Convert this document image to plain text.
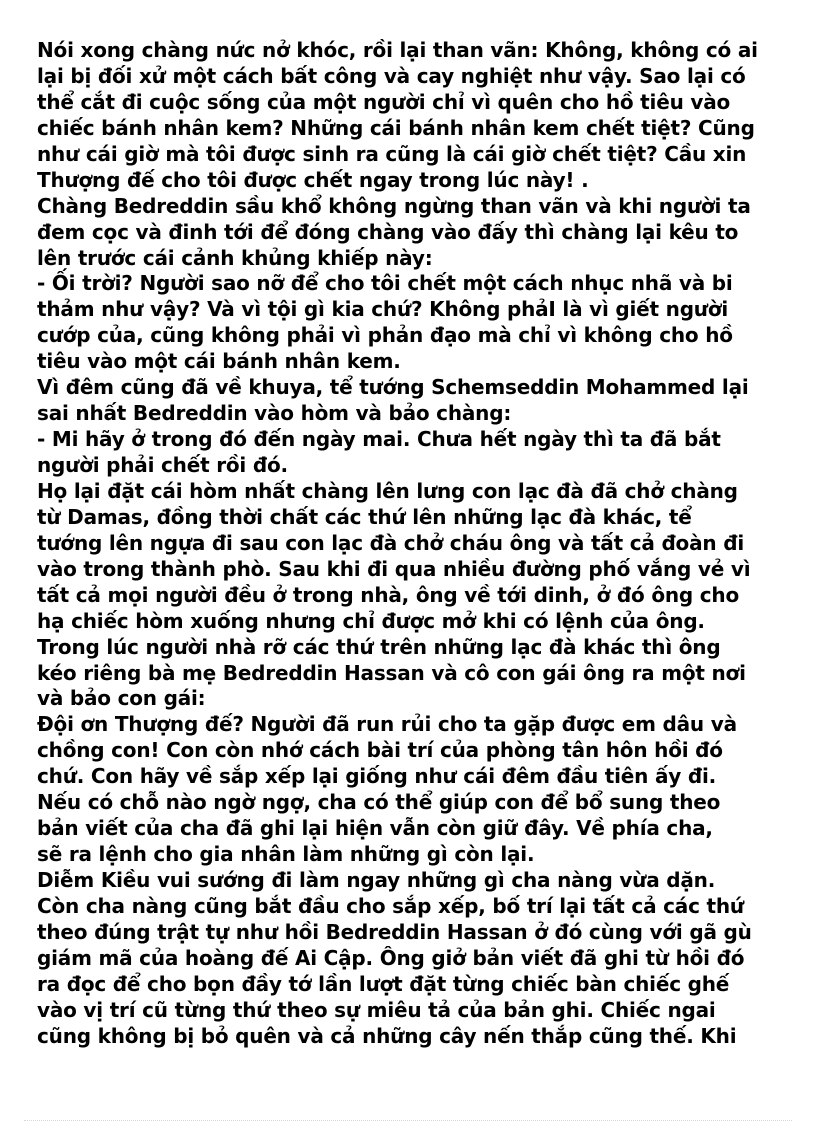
Nói xong chàng nức nở khóc, rồi lại than vãn: Không, không có ai
lại bị đối xử một cách bất công và cay nghiệt như vậy. Sao lại có
thể cắt đi cuộc sống của một người chỉ vì quên cho hồ tiêu vào
chiếc bánh nhân kem? Những cái bánh nhân kem chết tiệt? Cũng
như cái giờ mà tôi được sinh ra cũng là cái giờ chết tiệt? Cầu xin
Thượng đế cho tôi được chết ngay trong lúc này! .
Chàng Bedreddin sầu khổ không ngừng than vãn và khi người ta
đem cọc và đinh tới để đóng chàng vào đấy thì chàng lại kêu to
lên trước cái cảnh khủng khiếp này:
- Ối trời? Người sao nỡ để cho tôi chết một cách nhục nhã và bi
thảm như vậy? Và vì tội gì kia chứ? Không phảI là vì giết người
cướp của, cũng không phải vì phản đạo mà chỉ vì không cho hồ
tiêu vào một cái bánh nhân kem.
Vì đêm cũng đã về khuya, tể tướng Schemseddin Mohammed lại
sai nhất Bedreddin vào hòm và bảo chàng:
- Mi hãy ở trong đó đến ngày mai. Chưa hết ngày thì ta đã bắt
người phải chết rồi đó.
Họ lại đặt cái hòm nhất chàng lên lưng con lạc đà đã chở chàng
từ Damas, đồng thời chất các thứ lên những lạc đà khác, tể
tướng lên ngựa đi sau con lạc đà chở cháu ông và tất cả đoàn đi
vào trong thành phò. Sau khi đi qua nhiều đường phố vắng vẻ vì
tất cả mọi người đều ở trong nhà, ông về tới dinh, ở đó ông cho
hạ chiếc hòm xuống nhưng chỉ được mở khi có lệnh của ông.
Trong lúc người nhà rỡ các thứ trên những lạc đà khác thì ông
kéo riêng bà mẹ Bedreddin Hassan và cô con gái ông ra một nơi
và bảo con gái:
Đội ơn Thượng đế? Người đã run rủi cho ta gặp được em dâu và
chồng con! Con còn nhớ cách bài trí của phòng tân hôn hồi đó
chứ. Con hãy về sắp xếp lại giống như cái đêm đầu tiên ấy đi.
Nếu có chỗ nào ngờ ngợ, cha có thể giúp con để bổ sung theo
bản viết của cha đã ghi lại hiện vẫn còn giữ đây. Về phía cha,
sẽ ra lệnh cho gia nhân làm những gì còn lại.
Diễm Kiều vui sướng đi làm ngay những gì cha nàng vừa dặn.
Còn cha nàng cũng bắt đầu cho sắp xếp, bố trí lại tất cả các thứ
theo đúng trật tự như hồi Bedreddin Hassan ở đó cùng với gã gù
giám mã của hoàng đế Ai Cập. Ông giở bản viết đã ghi từ hồi đó
ra đọc để cho bọn đầy tớ lần lượt đặt từng chiếc bàn chiếc ghế
vào vị trí cũ từng thứ theo sự miêu tả của bản ghi. Chiếc ngai
cũng không bị bỏ quên và cả những cây nến thắp cũng thế. Khi
